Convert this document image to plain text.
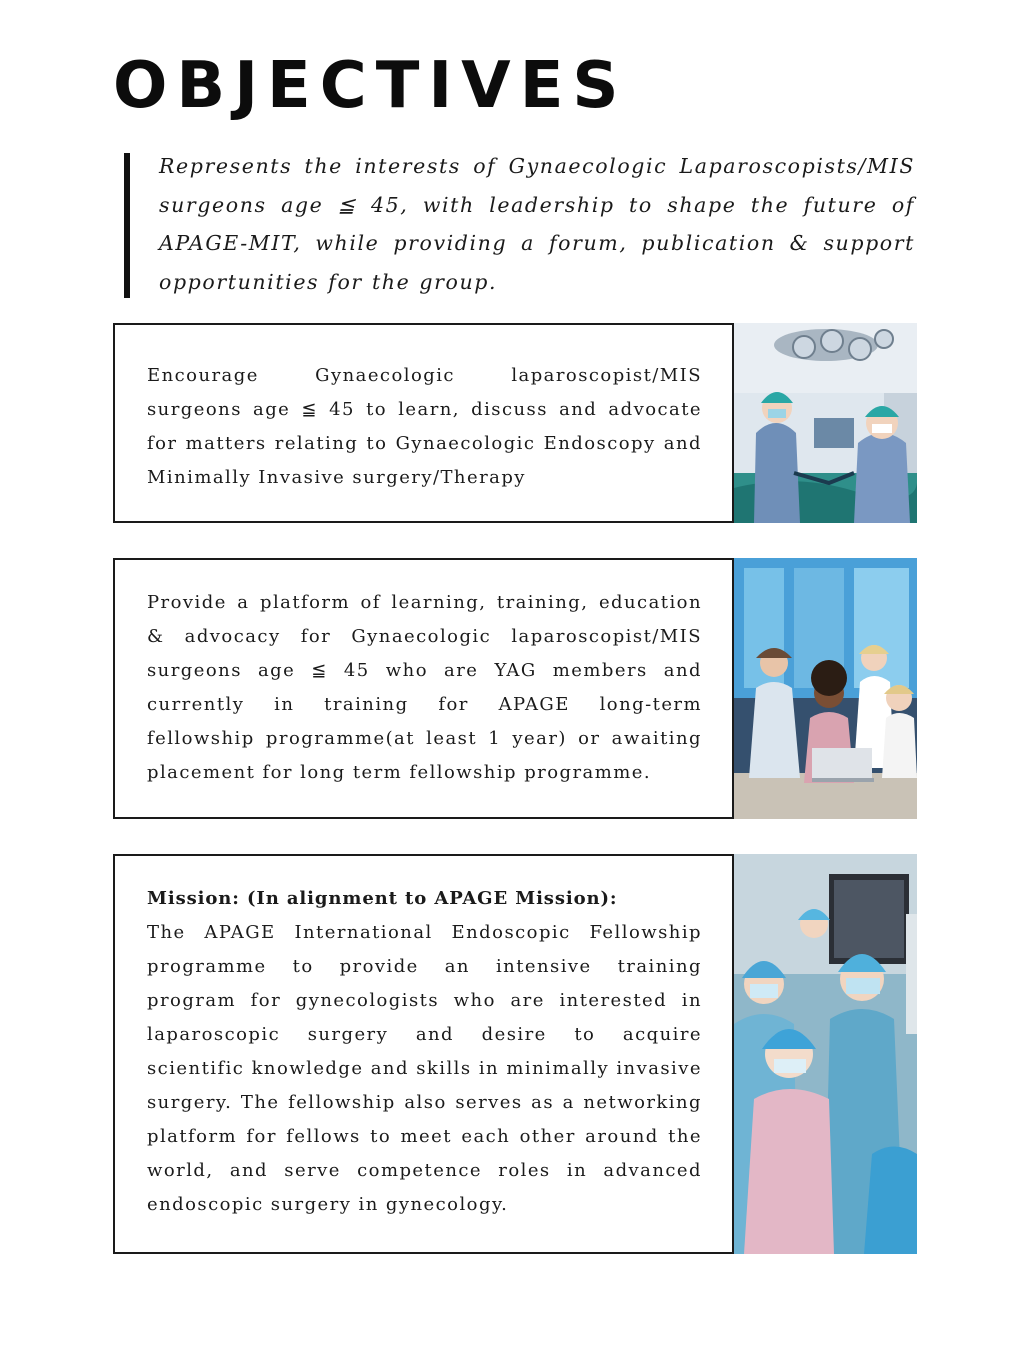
OBJECTIVES

Represents the interests of Gynaecologic Laparoscopists/MIS surgeons age ≦ 45, with leadership to shape the future of APAGE-MIT, while providing a forum, publication & support opportunities for the group.

Encourage Gynaecologic laparoscopist/MIS surgeons age ≦ 45 to learn, discuss and advocate for matters relating to Gynaecologic Endoscopy and Minimally Invasive surgery/Therapy

Provide a platform of learning, training, education & advocacy for Gynaecologic laparoscopist/MIS surgeons age ≦ 45 who are YAG members and currently in training for APAGE long-term fellowship programme(at least 1 year) or awaiting placement for long term fellowship programme.

Mission: (In alignment to APAGE Mission):
The APAGE International Endoscopic Fellowship programme to provide an intensive training program for gynecologists who are interested in laparoscopic surgery and desire to acquire scientific knowledge and skills in minimally invasive surgery. The fellowship also serves as a networking platform for fellows to meet each other around the world, and serve competence roles in advanced endoscopic surgery in gynecology.
